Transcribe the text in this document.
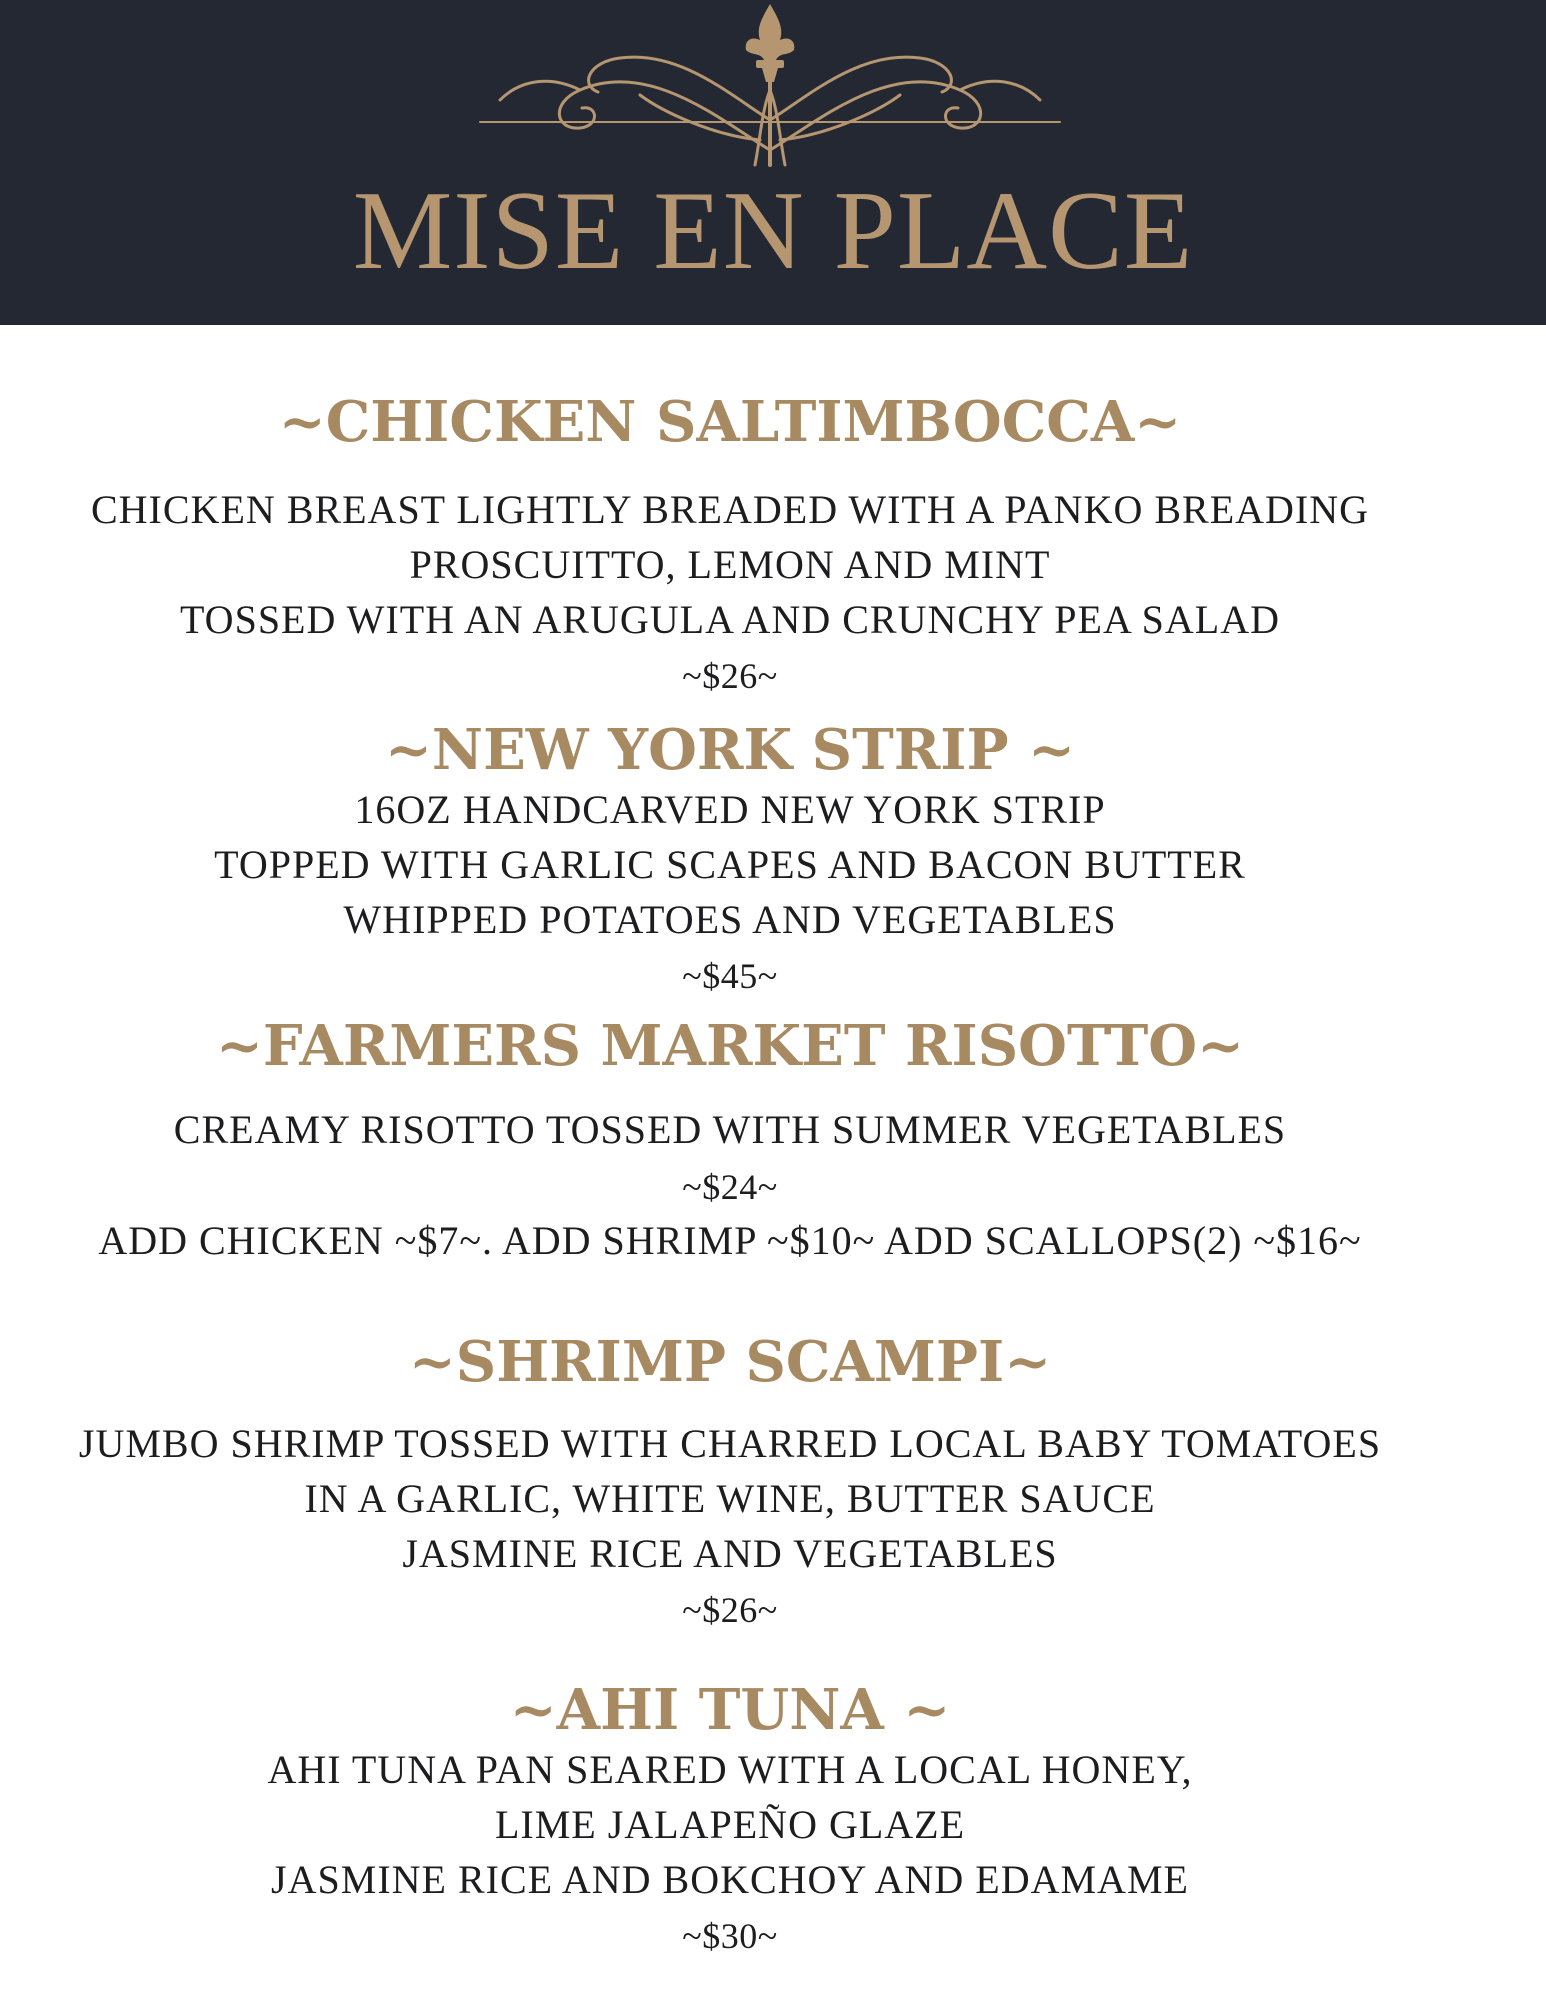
MISE EN PLACE
~CHICKEN SALTIMBOCCA~
CHICKEN BREAST LIGHTLY BREADED WITH A PANKO BREADING
PROSCUITTO, LEMON AND MINT
TOSSED WITH AN ARUGULA AND CRUNCHY PEA SALAD
~$26~
~NEW YORK STRIP ~
16OZ HANDCARVED NEW YORK STRIP
TOPPED WITH GARLIC SCAPES AND BACON BUTTER
WHIPPED POTATOES AND VEGETABLES
~$45~
~FARMERS MARKET RISOTTO~
CREAMY RISOTTO TOSSED WITH SUMMER VEGETABLES
~$24~
ADD CHICKEN ~$7~. ADD SHRIMP ~$10~ ADD SCALLOPS(2) ~$16~
~SHRIMP SCAMPI~
JUMBO SHRIMP TOSSED WITH CHARRED LOCAL BABY TOMATOES
IN A GARLIC, WHITE WINE, BUTTER SAUCE
JASMINE RICE AND VEGETABLES
~$26~
~AHI TUNA ~
AHI TUNA PAN SEARED WITH A LOCAL HONEY,
LIME JALAPEÑO GLAZE
JASMINE RICE AND BOKCHOY AND EDAMAME
~$30~
